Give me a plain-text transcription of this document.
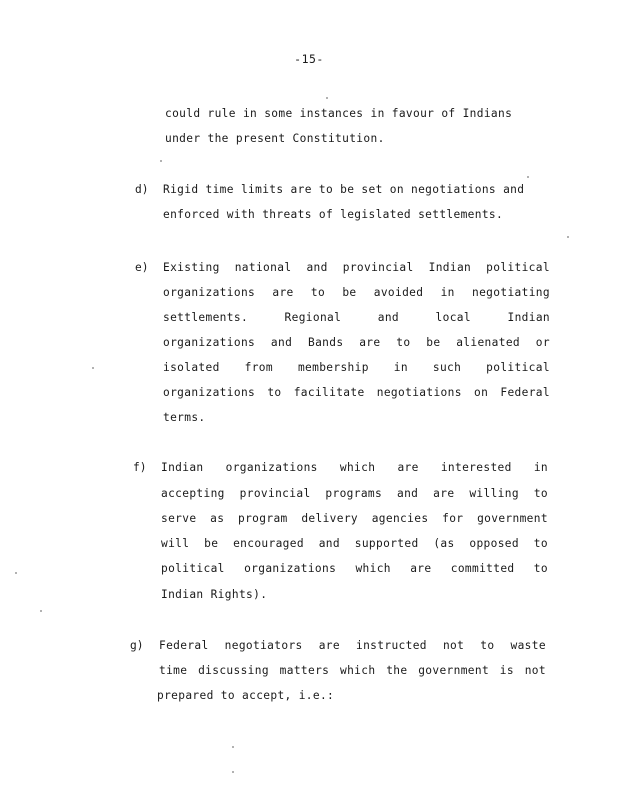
-15-
could rule in some instances in favour of Indians
under the present Constitution.
d) Rigid time limits are to be set on negotiations and
enforced with threats of legislated settlements.
e) Existing national and provincial Indian political
organizations are to be avoided in negotiating
settlements.	Regional	and	local	Indian
organizations and Bands are to be alienated or
isolated from membership in such political
organizations to facilitate negotiations on Federal
terms.
f) Indian organizations which are interested in
accepting provincial programs and are willing to
serve as program delivery agencies for government
will be encouraged and supported (as opposed to
political organizations which are committed to
Indian Rights).
g) Federal negotiators are instructed not to waste
time discussing matters which the government is not
prepared to accept, i.e.:
